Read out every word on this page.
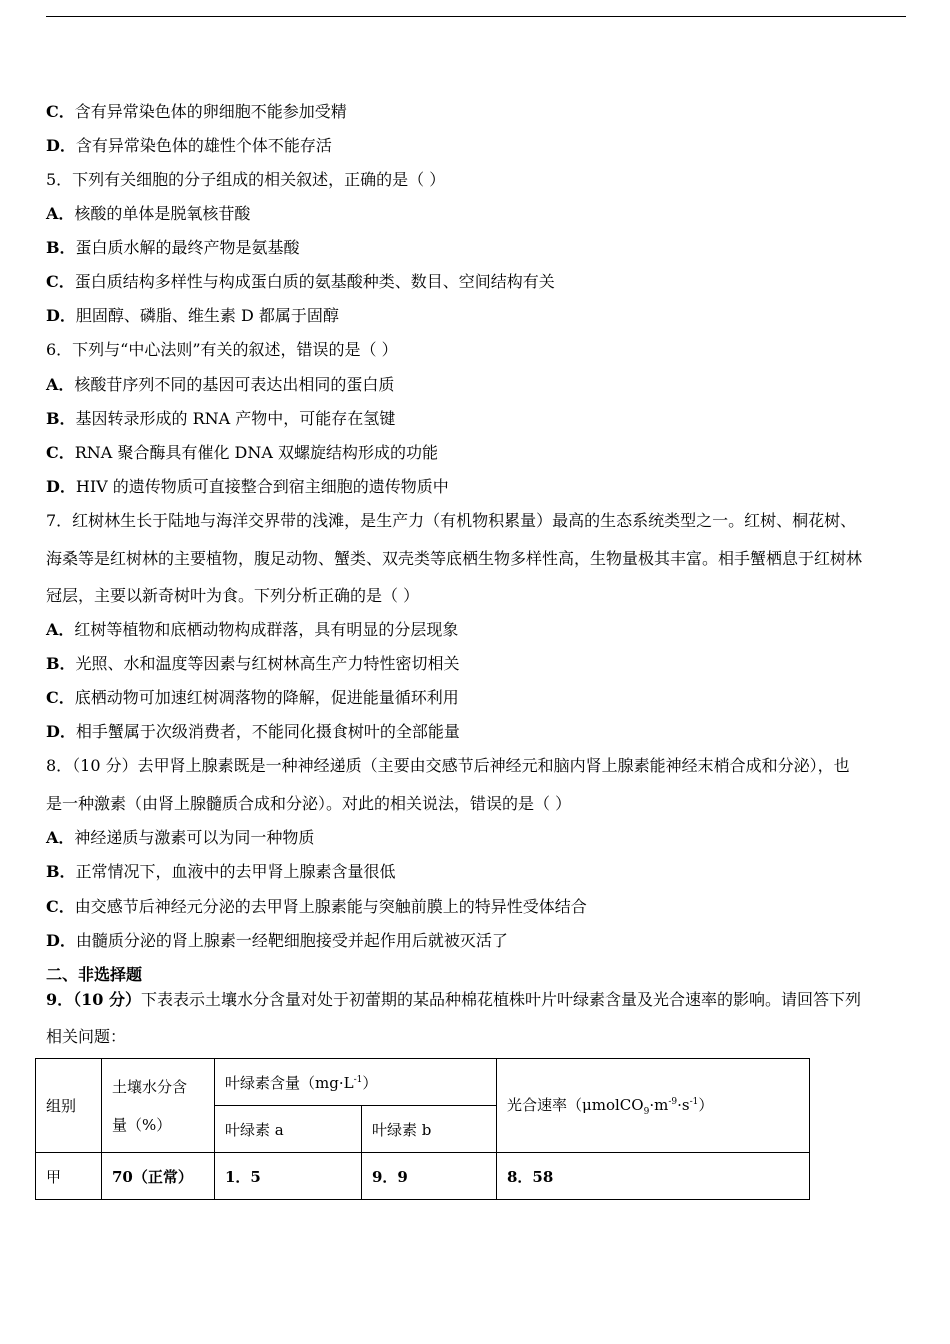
C．含有异常染色体的卵细胞不能参加受精
D．含有异常染色体的雄性个体不能存活
5．下列有关细胞的分子组成的相关叙述，正确的是（ ）
A．核酸的单体是脱氧核苷酸
B．蛋白质水解的最终产物是氨基酸
C．蛋白质结构多样性与构成蛋白质的氨基酸种类、数目、空间结构有关
D．胆固醇、磷脂、维生素 D 都属于固醇
6．下列与“中心法则”有关的叙述，错误的是（ ）
A．核酸苷序列不同的基因可表达出相同的蛋白质
B．基因转录形成的 RNA 产物中，可能存在氢键
C．RNA 聚合酶具有催化 DNA 双螺旋结构形成的功能
D．HIV 的遗传物质可直接整合到宿主细胞的遗传物质中
7．红树林生长于陆地与海洋交界带的浅滩，是生产力（有机物积累量）最高的生态系统类型之一。红树、桐花树、
海桑等是红树林的主要植物，腹足动物、蟹类、双壳类等底栖生物多样性高，生物量极其丰富。相手蟹栖息于红树林
冠层，主要以新奇树叶为食。下列分析正确的是（ ）
A．红树等植物和底栖动物构成群落，具有明显的分层现象
B．光照、水和温度等因素与红树林高生产力特性密切相关
C．底栖动物可加速红树凋落物的降解，促进能量循环利用
D．相手蟹属于次级消费者，不能同化摄食树叶的全部能量
8．（10 分）去甲肾上腺素既是一种神经递质（主要由交感节后神经元和脑内肾上腺素能神经末梢合成和分泌），也
是一种激素（由肾上腺髓质合成和分泌）。对此的相关说法，错误的是（ ）
A．神经递质与激素可以为同一种物质
B．正常情况下，血液中的去甲肾上腺素含量很低
C．由交感节后神经元分泌的去甲肾上腺素能与突触前膜上的特异性受体结合
D．由髓质分泌的肾上腺素一经靶细胞接受并起作用后就被灭活了
二、非选择题
9．（10 分）下表表示土壤水分含量对处于初蕾期的某品种棉花植株叶片叶绿素含量及光合速率的影响。请回答下列
相关问题：
组别	土壤水分含
量（%）	叶绿素含量$(mg\cdot L^{-1})$		光合速率$(\mu molCO_9\cdot m^{-9}\cdot s^{-1})$
		叶绿素 a	叶绿素 b	
甲	70（正常）	1．5	9．9	8．58
